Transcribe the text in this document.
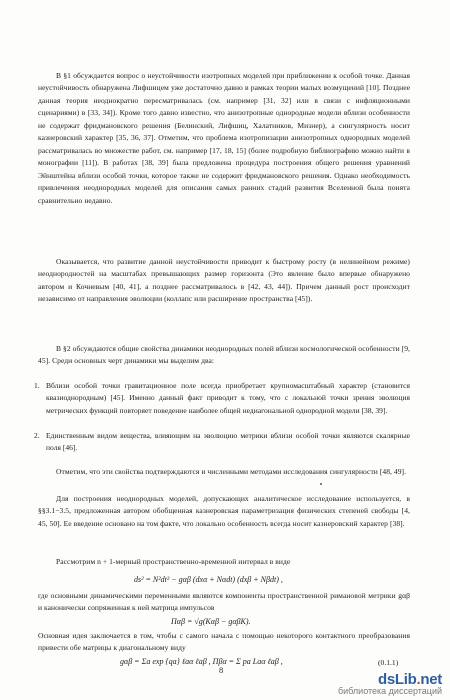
В §1 обсуждается вопрос о неустойчивости изотропных моделей при приближении к особой точке. Данная неустойчивость обнаружена Лифшицем уже достаточно давно в рамках теории малых возмущений [10]. Позднее данная теория неоднократно пересматривалась (см. например [31, 32] или в связи с инфляционными сценариями) в [33, 34]). Кроме того давно известно, что анизотропные однородные модели вблизи особенности не содержат фридмановского решения (Белинский, Лифшиц, Халатников, Мизнер), а сингулярность носит казнеровский характер [35, 36, 37]. Отметим, что проблема изотропизации анизотропных однородных моделей рассматривалась во множестве работ, см. например [17, 18, 15] (более подробную библиографию можно найти в монографии [11]). В работах [38, 39] была предложена процедура построения общего решения уравнений Эйнштейна вблизи особой точки, которое также не содержит фридмановского решения. Однако необходимость привлечения неоднородных моделей для описания самых ранних стадий развития Вселенной была понята сравнительно недавно.

Оказывается, что развитие данной неустойчивости приводит к быстрому росту (в нелинейном режиме) неоднородностей на масштабах превышающих размер горизонта (Это явление было впервые обнаружено автором и Кочневым [40, 41], а позднее рассматривалось в [42, 43, 44]). Причем данный рост происходит независимо от направления эволюции (коллапс или расширение пространства [45]).

В §2 обсуждаются общие свойства динамики неоднородных полей вблизи космологической особенности [9, 45]. Среди основных черт динамики мы выделим два:

1. Вблизи особой точки гравитационное поле всегда приобретает крупномасштабный характер (становится квазиоднородным) [45]. Именно данный факт приводит к тому, что с локальной точки зрения эволюция метрических функций повторяет поведение наиболее общей недиагональной однородной модели [38, 39].
2. Единственным видом вещества, влияющим на эволюцию метрики вблизи особой точки являются скалярные поля [46].

Отметим, что эти свойства подтверждаются и численными методами исследования сингулярности [48, 49].

Для построения неоднородных моделей, допускающих аналитическое исследование используется, в §§3.1−3.5, предложенная автором обобщенная казнеровская параметризация физических степеней свободы [4, 45, 50]. Ее введение основано на том факте, что локально особенность всегда носит казнеровский характер [38].

Рассмотрим n + 1-мерный пространственно-временной интервал в виде

ds² = N²dt² − gαβ (dxα + Nαdt) (dxβ + Nβdt) ,

где основными динамическими переменными являются компоненты пространственной римановой метрики gαβ и канонически сопряженная к ней матрица импульсов

Παβ = √g(Kαβ − gαβK).

Основная идея заключается в том, чтобы с самого начала с помощью некоторого контактного преобразования привести обе матрицы к диагональному виду

gαβ = Σa exp {qa} ℓaα ℓaβ , Πβα = Σ pa Laα ℓaβ ,	(0.1.1)
8
dsLib.net
библиотека диссертаций
